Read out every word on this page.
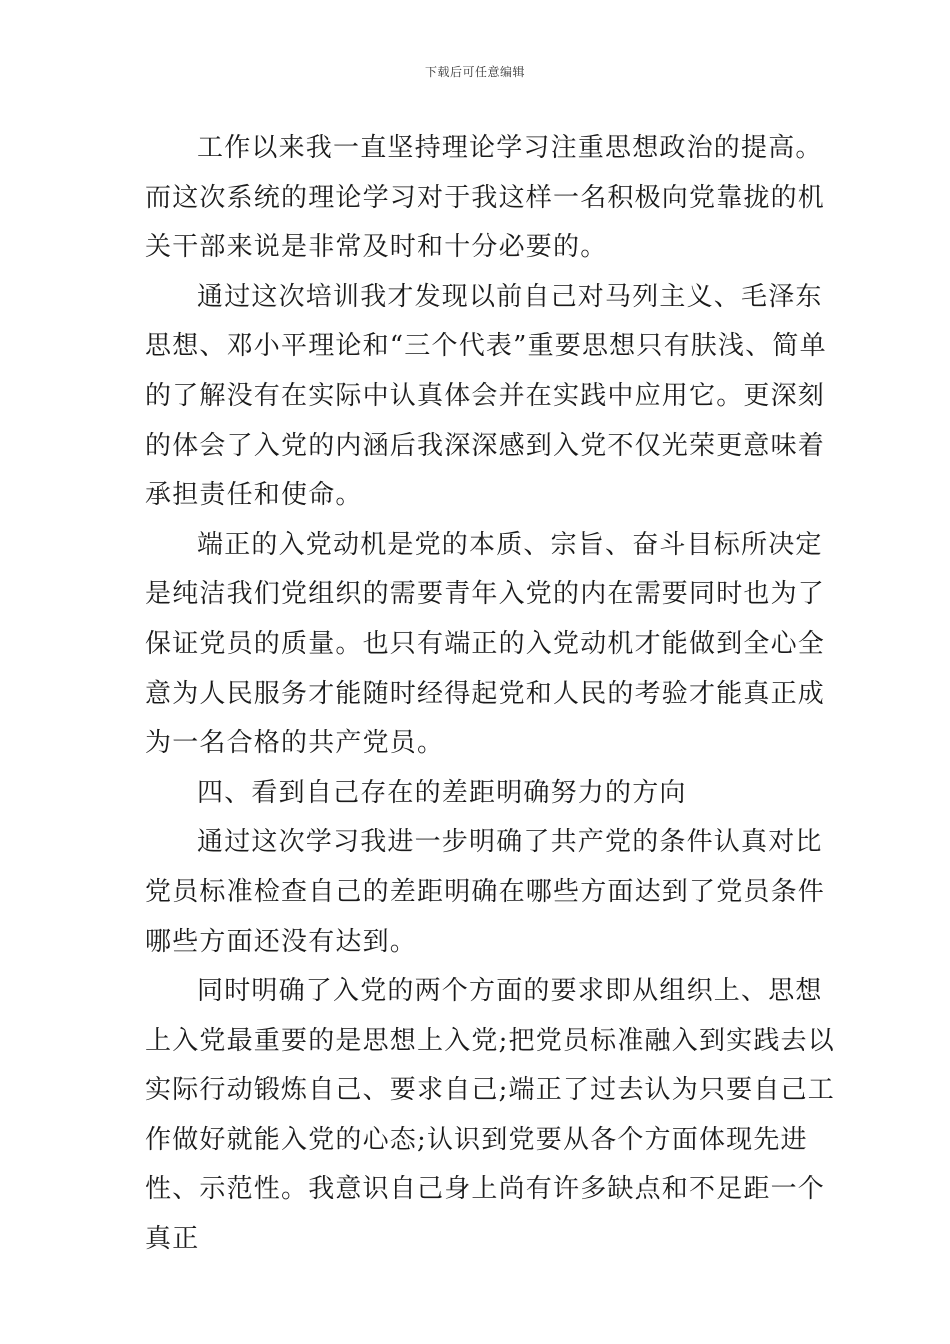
下载后可任意编辑

工作以来我一直坚持理论学习注重思想政治的提高。而这次系统的理论学习对于我这样一名积极向党靠拢的机关干部来说是非常及时和十分必要的。

通过这次培训我才发现以前自己对马列主义、毛泽东思想、邓小平理论和“三个代表”重要思想只有肤浅、简单的了解没有在实际中认真体会并在实践中应用它。更深刻的体会了入党的内涵后我深深感到入党不仅光荣更意味着承担责任和使命。

端正的入党动机是党的本质、宗旨、奋斗目标所决定是纯洁我们党组织的需要青年入党的内在需要同时也为了保证党员的质量。也只有端正的入党动机才能做到全心全意为人民服务才能随时经得起党和人民的考验才能真正成为一名合格的共产党员。

四、看到自己存在的差距明确努力的方向

通过这次学习我进一步明确了共产党的条件认真对比党员标准检查自己的差距明确在哪些方面达到了党员条件哪些方面还没有达到。

同时明确了入党的两个方面的要求即从组织上、思想上入党最重要的是思想上入党;把党员标准融入到实践去以实际行动锻炼自己、要求自己;端正了过去认为只要自己工作做好就能入党的心态;认识到党要从各个方面体现先进性、示范性。我意识自己身上尚有许多缺点和不足距一个真正
